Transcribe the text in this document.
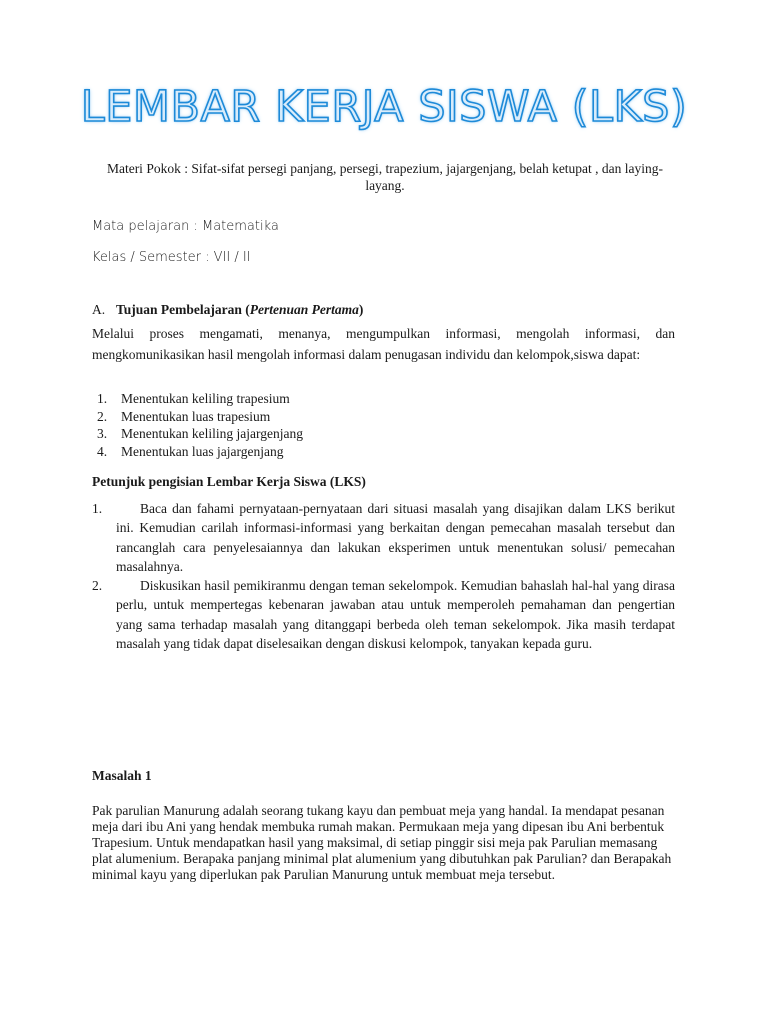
LEMBAR KERJA SISWA (LKS)
Materi Pokok : Sifat-sifat persegi panjang, persegi, trapezium, jajargenjang, belah ketupat , dan laying-layang.
Mata pelajaran : Matematika
Kelas / Semester : VII / II
A. Tujuan Pembelajaran (Pertenuan Pertama)
Melalui proses mengamati, menanya, mengumpulkan informasi, mengolah informasi, dan mengkomunikasikan hasil mengolah informasi dalam penugasan individu dan kelompok,siswa dapat:
1. Menentukan keliling trapesium
2. Menentukan luas trapesium
3. Menentukan keliling jajargenjang
4. Menentukan luas jajargenjang
Petunjuk pengisian Lembar Kerja Siswa (LKS)
1.	Baca dan fahami pernyataan-pernyataan dari situasi masalah yang disajikan dalam LKS berikut ini. Kemudian carilah informasi-informasi yang berkaitan dengan pemecahan masalah tersebut dan rancanglah cara penyelesaiannya dan lakukan eksperimen untuk menentukan solusi/ pemecahan masalahnya.
2.	Diskusikan hasil pemikiranmu dengan teman sekelompok. Kemudian bahaslah hal-hal yang dirasa perlu, untuk mempertegas kebenaran jawaban atau untuk memperoleh pemahaman dan pengertian yang sama terhadap masalah yang ditanggapi berbeda oleh teman sekelompok. Jika masih terdapat masalah yang tidak dapat diselesaikan dengan diskusi kelompok, tanyakan kepada guru.
Masalah 1
Pak parulian Manurung adalah seorang tukang kayu dan pembuat meja yang handal. Ia mendapat pesanan meja dari ibu Ani yang hendak membuka rumah makan. Permukaan meja yang dipesan ibu Ani berbentuk Trapesium. Untuk mendapatkan hasil yang maksimal, di setiap pinggir sisi meja pak Parulian memasang plat alumenium. Berapaka panjang minimal plat alumenium yang dibutuhkan pak Parulian? dan Berapakah minimal kayu yang diperlukan pak Parulian Manurung untuk membuat meja tersebut.
